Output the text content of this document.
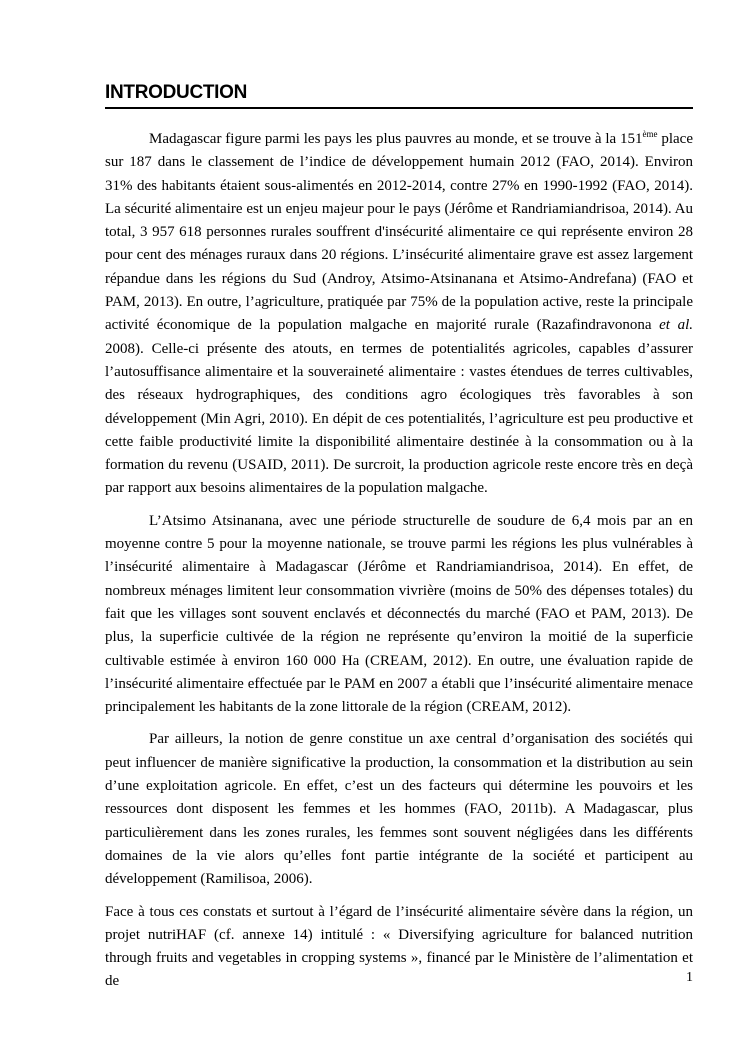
INTRODUCTION

Madagascar figure parmi les pays les plus pauvres au monde, et se trouve à la 151ème place sur 187 dans le classement de l’indice de développement humain 2012 (FAO, 2014). Environ 31% des habitants étaient sous-alimentés en 2012-2014, contre 27% en 1990-1992 (FAO, 2014). La sécurité alimentaire est un enjeu majeur pour le pays (Jérôme et Randriamiandrisoa, 2014). Au total, 3 957 618 personnes rurales souffrent d'insécurité alimentaire ce qui représente environ 28 pour cent des ménages ruraux dans 20 régions. L’insécurité alimentaire grave est assez largement répandue dans les régions du Sud (Androy, Atsimo-Atsinanana et Atsimo-Andrefana) (FAO et PAM, 2013). En outre, l’agriculture, pratiquée par 75% de la population active, reste la principale activité économique de la population malgache en majorité rurale (Razafindravonona et al. 2008). Celle-ci présente des atouts, en termes de potentialités agricoles, capables d’assurer l’autosuffisance alimentaire et la souveraineté alimentaire : vastes étendues de terres cultivables, des réseaux hydrographiques, des conditions agro écologiques très favorables à son développement (Min Agri, 2010). En dépit de ces potentialités, l’agriculture est peu productive et cette faible productivité limite la disponibilité alimentaire destinée à la consommation ou à la formation du revenu (USAID, 2011). De surcroit, la production agricole reste encore très en deçà par rapport aux besoins alimentaires de la population malgache.

L’Atsimo Atsinanana, avec une période structurelle de soudure de 6,4 mois par an en moyenne contre 5 pour la moyenne nationale, se trouve parmi les régions les plus vulnérables à l’insécurité alimentaire à Madagascar (Jérôme et Randriamiandrisoa, 2014). En effet, de nombreux ménages limitent leur consommation vivrière (moins de 50% des dépenses totales) du fait que les villages sont souvent enclavés et déconnectés du marché (FAO et PAM, 2013). De plus, la superficie cultivée de la région ne représente qu’environ la moitié de la superficie cultivable estimée à environ 160 000 Ha (CREAM, 2012). En outre, une évaluation rapide de l’insécurité alimentaire effectuée par le PAM en 2007 a établi que l’insécurité alimentaire menace principalement les habitants de la zone littorale de la région (CREAM, 2012).

Par ailleurs, la notion de genre constitue un axe central d’organisation des sociétés qui peut influencer de manière significative la production, la consommation et la distribution au sein d’une exploitation agricole. En effet, c’est un des facteurs qui détermine les pouvoirs et les ressources dont disposent les femmes et les hommes (FAO, 2011b). A Madagascar, plus particulièrement dans les zones rurales, les femmes sont souvent négligées dans les différents domaines de la vie alors qu’elles font partie intégrante de la société et participent au développement (Ramilisoa, 2006).

Face à tous ces constats et surtout à l’égard de l’insécurité alimentaire sévère dans la région, un projet nutriHAF (cf. annexe 14) intitulé : « Diversifying agriculture for balanced nutrition through fruits and vegetables in cropping systems », financé par le Ministère de l’alimentation et de	1
